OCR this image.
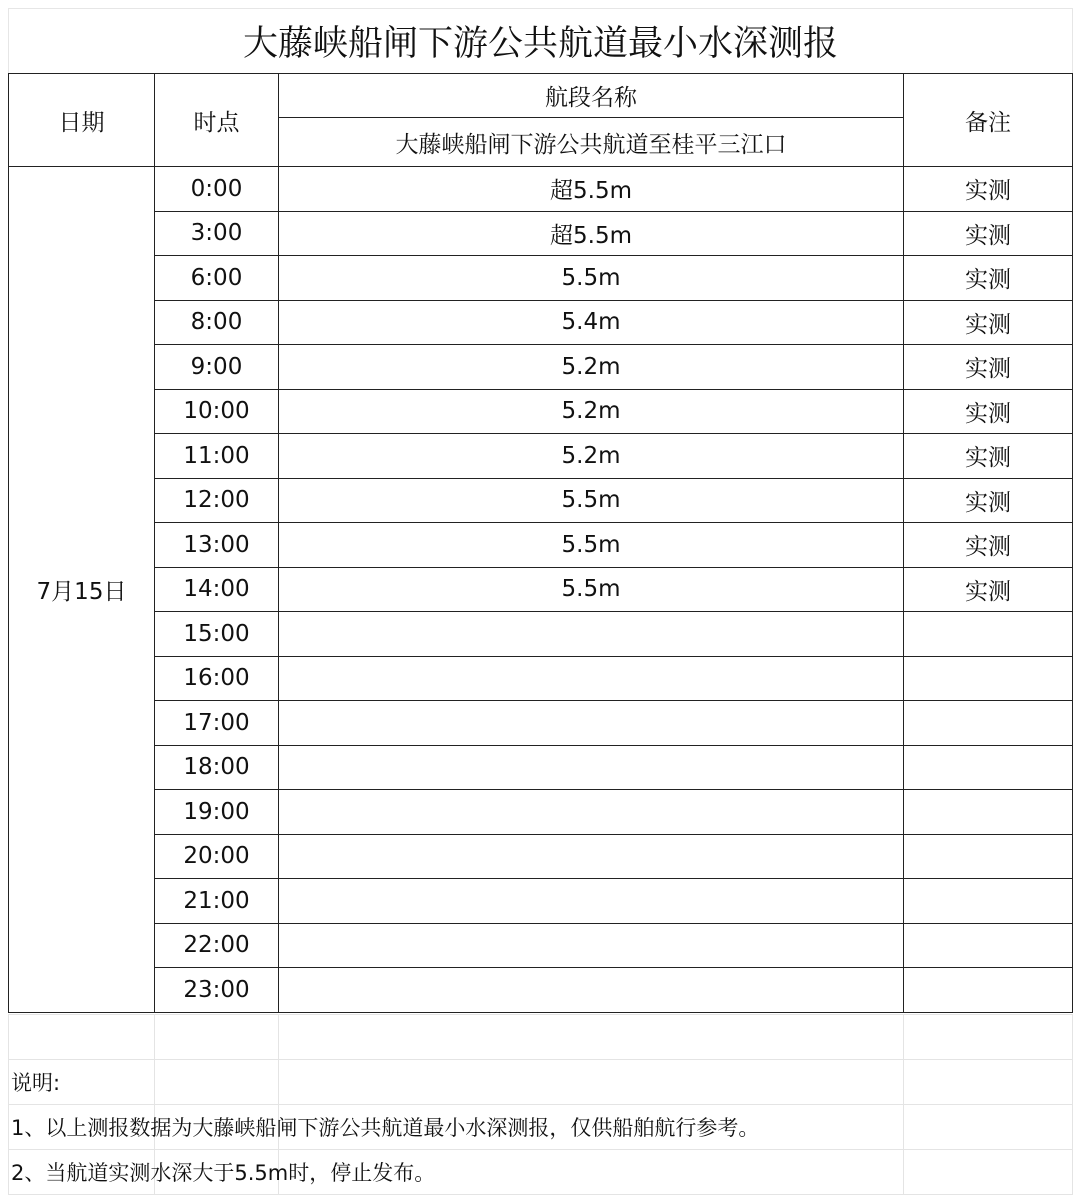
大藤峡船闸下游公共航道最小水深测报			
日期	时点	航段名称	备注
		大藤峡船闸下游公共航道至桂平三江口	
7月15日	0:00	超5.5m	实测
	3:00	超5.5m	实测
	6:00	5.5m	实测
	8:00	5.4m	实测
	9:00	5.2m	实测
	10:00	5.2m	实测
	11:00	5.2m	实测
	12:00	5.5m	实测
	13:00	5.5m	实测
	14:00	5.5m	实测
	15:00		
	16:00		
	17:00		
	18:00		
	19:00		
	20:00		
	21:00		
	22:00		
	23:00		

说明:			
1、以上测报数据为大藤峡船闸下游公共航道最小水深测报，仅供船舶航行参考。			
2、当航道实测水深大于5.5m时，停止发布。			
